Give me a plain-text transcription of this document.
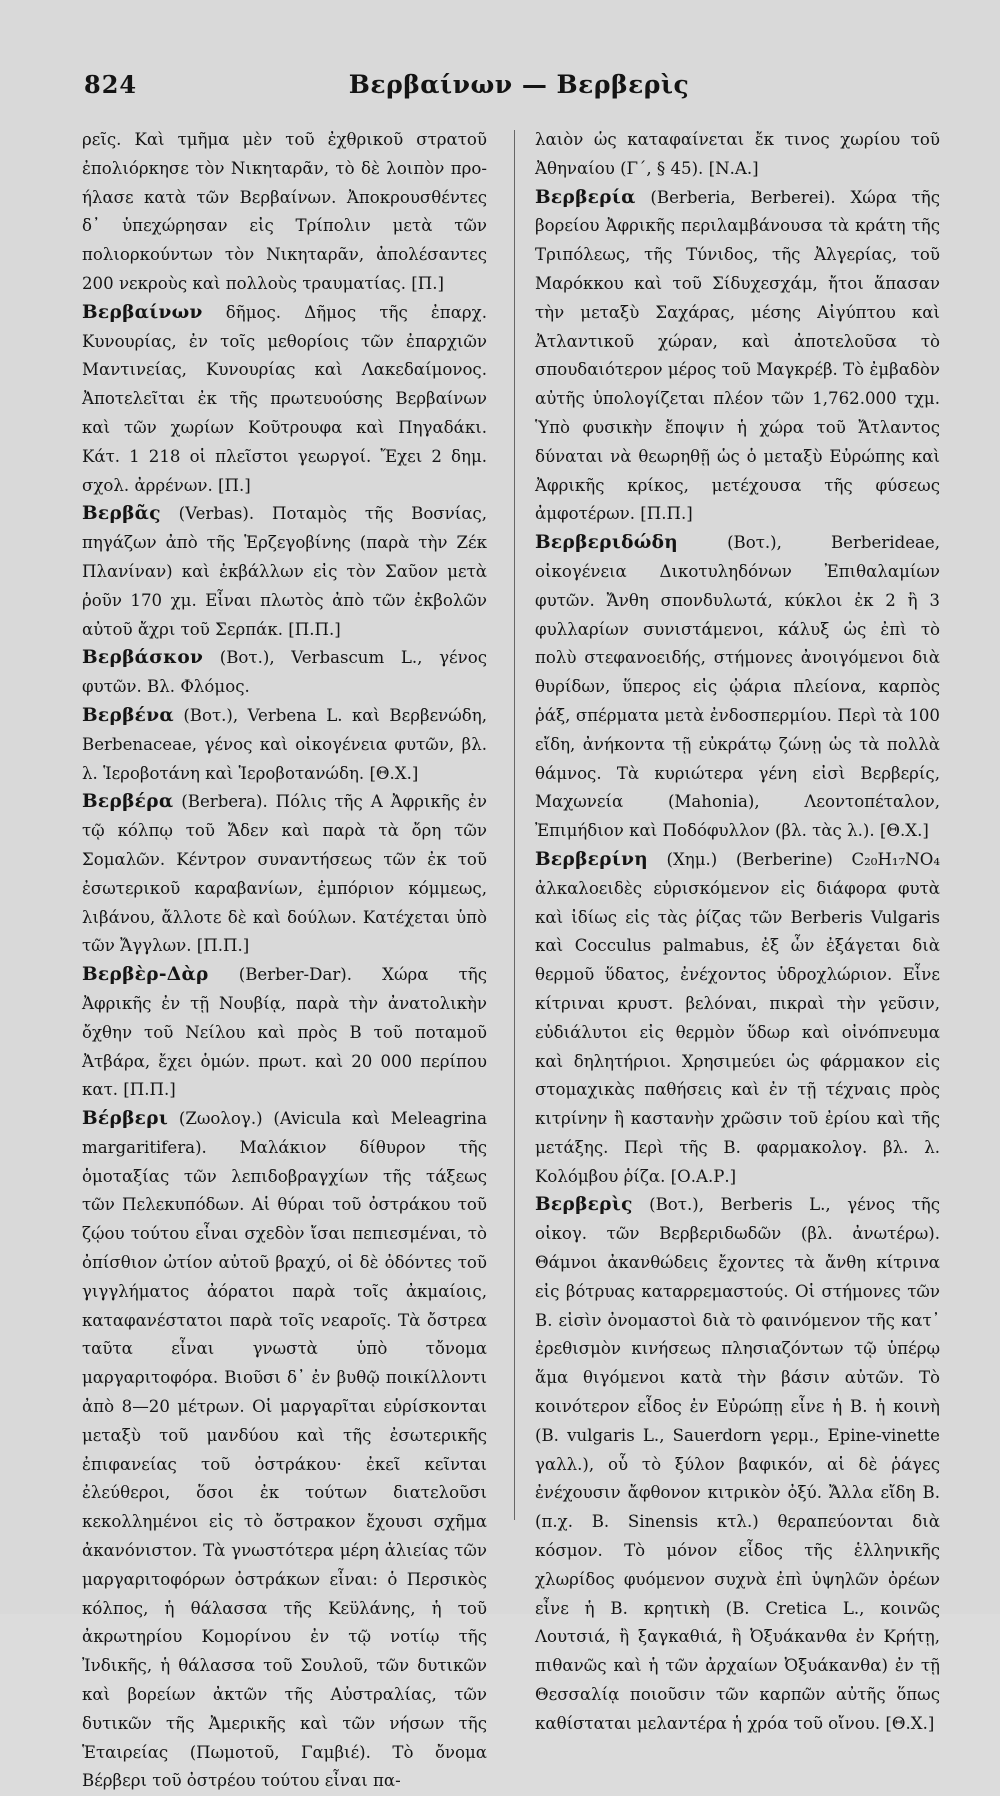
824	Βερβαίνων — Βερβερὶς

ρεῖς. Καὶ τμῆμα μὲν τοῦ ἐχθρικοῦ στρατοῦ ἐπολιόρκησε τὸν Νικηταρᾶν, τὸ δὲ λοιπὸν προ-ήλασε κατὰ τῶν Βερβαίνων. Ἀποκρουσθέντες δ᾽ ὑπεχώρησαν εἰς Τρίπολιν μετὰ τῶν πολιορκούντων τὸν Νικηταρᾶν, ἀπολέσαντες 200 νεκροὺς καὶ πολλοὺς τραυματίας. [Π.]

Βερβαίνων δῆμος. Δῆμος τῆς ἐπαρχ. Κυνουρίας, ἐν τοῖς μεθορίοις τῶν ἐπαρχιῶν Μαντινείας, Κυνουρίας καὶ Λακεδαίμονος. Ἀποτελεῖται ἐκ τῆς πρωτευούσης Βερβαίνων καὶ τῶν χωρίων Κοῦτρουφα καὶ Πηγαδάκι. Κάτ. 1 218 οἱ πλεῖστοι γεωργοί. Ἔχει 2 δημ. σχολ. ἀρρένων. [Π.]

Βερβᾶς (Verbas). Ποταμὸς τῆς Βοσνίας, πηγάζων ἀπὸ τῆς Ἑρζεγοβίνης (παρὰ τὴν Ζέκ Πλανίναν) καὶ ἐκβάλλων εἰς τὸν Σαῦον μετὰ ῥοῦν 170 χμ. Εἶναι πλωτὸς ἀπὸ τῶν ἐκβολῶν αὐτοῦ ἄχρι τοῦ Σερπάκ. [Π.Π.]

Βερβάσκον (Βοτ.), Verbascum L., γένος φυτῶν. Βλ. Φλόμος.

Βερβένα (Βοτ.), Verbena L. καὶ Βερβενώδη, Berbenaceae, γένος καὶ οἰκογένεια φυτῶν, βλ. λ. Ἱεροβοτάνη καὶ Ἱεροβοτανώδη. [Θ.Χ.]

Βερβέρα (Berbera). Πόλις τῆς Α Ἀφρικῆς ἐν τῷ κόλπῳ τοῦ Ἄδεν καὶ παρὰ τὰ ὄρη τῶν Σομαλῶν. Κέντρον συναντήσεως τῶν ἐκ τοῦ ἐσωτερικοῦ καραβανίων, ἐμπόριον κόμμεως, λιβάνου, ἄλλοτε δὲ καὶ δούλων. Κατέχεται ὑπὸ τῶν Ἄγγλων. [Π.Π.]

Βερβὲρ-Δὰρ (Berber-Dar). Χώρα τῆς Ἀφρικῆς ἐν τῇ Νουβίᾳ, παρὰ τὴν ἀνατολικὴν ὄχθην τοῦ Νείλου καὶ πρὸς Β τοῦ ποταμοῦ Ἀτβάρα, ἔχει ὁμών. πρωτ. καὶ 20 000 περίπου κατ. [Π.Π.]

Βέρβερι (Ζωολογ.) (Avicula καὶ Meleagrina margaritifera). Μαλάκιον δίθυρον τῆς ὁμοταξίας τῶν λεπιδοβραγχίων τῆς τάξεως τῶν Πελεκυπόδων. Αἱ θύραι τοῦ ὀστράκου τοῦ ζῴου τούτου εἶναι σχεδὸν ἴσαι πεπιεσμέναι, τὸ ὀπίσθιον ὠτίον αὐτοῦ βραχύ, οἱ δὲ ὀδόντες τοῦ γιγγλήματος ἀόρατοι παρὰ τοῖς ἀκμαίοις, καταφανέστατοι παρὰ τοῖς νεαροῖς. Τὰ ὄστρεα ταῦτα εἶναι γνωστὰ ὑπὸ τὄνομα μαργαριτοφόρα. Βιοῦσι δ᾽ ἐν βυθῷ ποικίλλοντι ἀπὸ 8—20 μέτρων. Οἱ μαργαρῖται εὑρίσκονται μεταξὺ τοῦ μανδύου καὶ τῆς ἐσωτερικῆς ἐπιφανείας τοῦ ὀστράκου· ἐκεῖ κεῖνται ἐλεύθεροι, ὅσοι ἐκ τούτων διατελοῦσι κεκολλημένοι εἰς τὸ ὄστρακον ἔχουσι σχῆμα ἀκανόνιστον. Τὰ γνωστότερα μέρη ἁλιείας τῶν μαργαριτοφόρων ὀστράκων εἶναι: ὁ Περσικὸς κόλπος, ἡ θάλασσα τῆς Κεϋλάνης, ἡ τοῦ ἀκρωτηρίου Κομορίνου ἐν τῷ νοτίῳ τῆς Ἰνδικῆς, ἡ θάλασσα τοῦ Σουλοῦ, τῶν δυτικῶν καὶ βορείων ἀκτῶν τῆς Αὐστραλίας, τῶν δυτικῶν τῆς Ἀμερικῆς καὶ τῶν νήσων τῆς Ἑταιρείας (Πωμοτοῦ, Γαμβιέ). Τὸ ὄνομα Βέρβερι τοῦ ὀστρέου τούτου εἶναι πα-

λαιὸν ὡς καταφαίνεται ἔκ τινος χωρίου τοῦ Ἀθηναίου (Γ´, § 45). [Ν.Α.]

Βερβερία (Berberia, Berberei). Χώρα τῆς βορείου Ἀφρικῆς περιλαμβάνουσα τὰ κράτη τῆς Τριπόλεως, τῆς Τύνιδος, τῆς Ἀλγερίας, τοῦ Μαρόκκου καὶ τοῦ Σίδυχεσχάμ, ἤτοι ἅπασαν τὴν μεταξὺ Σαχάρας, μέσης Αἰγύπτου καὶ Ἀτλαντικοῦ χώραν, καὶ ἀποτελοῦσα τὸ σπουδαιότερον μέρος τοῦ Μαγκρέβ. Τὸ ἐμβαδὸν αὐτῆς ὑπολογίζεται πλέον τῶν 1,762.000 τχμ. Ὑπὸ φυσικὴν ἔποψιν ἡ χώρα τοῦ Ἄτλαντος δύναται νὰ θεωρηθῇ ὡς ὁ μεταξὺ Εὐρώπης καὶ Ἀφρικῆς κρίκος, μετέχουσα τῆς φύσεως ἀμφοτέρων. [Π.Π.]

Βερβεριδώδη	(Βοτ.), Berberideae, οἰκογένεια Δικοτυληδόνων Ἐπιθαλαμίων φυτῶν. Ἄνθη σπονδυλωτά, κύκλοι ἐκ 2 ἢ 3 φυλλαρίων συνιστάμενοι, κάλυξ ὡς ἐπὶ τὸ πολὺ στεφανοειδής, στήμονες ἀνοιγόμενοι διὰ θυρίδων, ὕπερος εἰς ᾠάρια πλείονα, καρπὸς ῥάξ, σπέρματα μετὰ ἐνδοσπερμίου. Περὶ τὰ 100 εἴδη, ἀνήκοντα τῇ εὐκράτῳ ζώνῃ ὡς τὰ πολλὰ θάμνος. Τὰ κυριώτερα γένη εἰσὶ Βερβερίς, Μαχωνεία (Mahonia), Λεοντοπέταλον, Ἐπιμήδιον καὶ Ποδόφυλλον (βλ. τὰς λ.). [Θ.Χ.]

Βερβερίνη (Χημ.) (Berberine) C₂₀H₁₇NO₄ ἀλκαλοειδὲς εὑρισκόμενον εἰς διάφορα φυτὰ καὶ ἰδίως εἰς τὰς ῥίζας τῶν Berberis Vulgaris καὶ Cocculus palmabus, ἐξ ὧν ἐξάγεται διὰ θερμοῦ ὕδατος, ἐνέχοντος ὑδροχλώριον. Εἶνε κίτριναι κρυστ. βελόναι, πικραὶ τὴν γεῦσιν, εὐδιάλυτοι εἰς θερμὸν ὕδωρ καὶ οἰνόπνευμα καὶ δηλητήριοι. Χρησιμεύει ὡς φάρμακον εἰς στομαχικὰς παθήσεις καὶ ἐν τῇ τέχναις πρὸς κιτρίνην ἢ καστανὴν χρῶσιν τοῦ ἐρίου καὶ τῆς μετάξης. Περὶ τῆς Β. φαρμακολογ. βλ. λ. Κολόμβου ῥίζα. [Ο.Α.Ρ.]

Βερβερὶς (Βοτ.), Berberis L., γένος τῆς οἰκογ. τῶν Βερβεριδωδῶν (βλ. ἀνωτέρω). Θάμνοι ἀκανθώδεις ἔχοντες τὰ ἄνθη κίτρινα εἰς βότρυας καταρρεμαστούς. Οἱ στήμονες τῶν Β. εἰσὶν ὀνομαστοὶ διὰ τὸ φαινόμενον τῆς κατ᾽ ἐρεθισμὸν κινήσεως πλησιαζόντων τῷ ὑπέρῳ ἅμα θιγόμενοι κατὰ τὴν βάσιν αὐτῶν. Τὸ κοινότερον εἶδος ἐν Εὐρώπῃ εἶνε ἡ Β. ἡ κοινὴ (Β. vulgaris L., Sauerdorn γερμ., Epine-vinette γαλλ.), οὗ τὸ ξύλον βαφικόν, αἱ δὲ ῥάγες ἐνέχουσιν ἄφθονον κιτρικὸν ὀξύ. Ἄλλα εἴδη Β. (π.χ. Β. Sinensis κτλ.) θεραπεύονται διὰ κόσμον. Τὸ μόνον εἶδος τῆς ἑλληνικῆς χλωρίδος φυόμενον συχνὰ ἐπὶ ὑψηλῶν ὀρέων εἶνε ἡ Β. κρητικὴ (Β. Cretica L., κοινῶς Λουτσιά, ἢ ξαγκαθιά, ἢ Ὀξυάκανθα ἐν Κρήτῃ, πιθανῶς καὶ ἡ τῶν ἀρχαίων Ὀξυάκανθα) ἐν τῇ Θεσσαλίᾳ ποιοῦσιν τῶν καρπῶν αὐτῆς ὅπως καθίσταται μελαντέρα ἡ χρόα τοῦ οἴνου. [Θ.Χ.]
